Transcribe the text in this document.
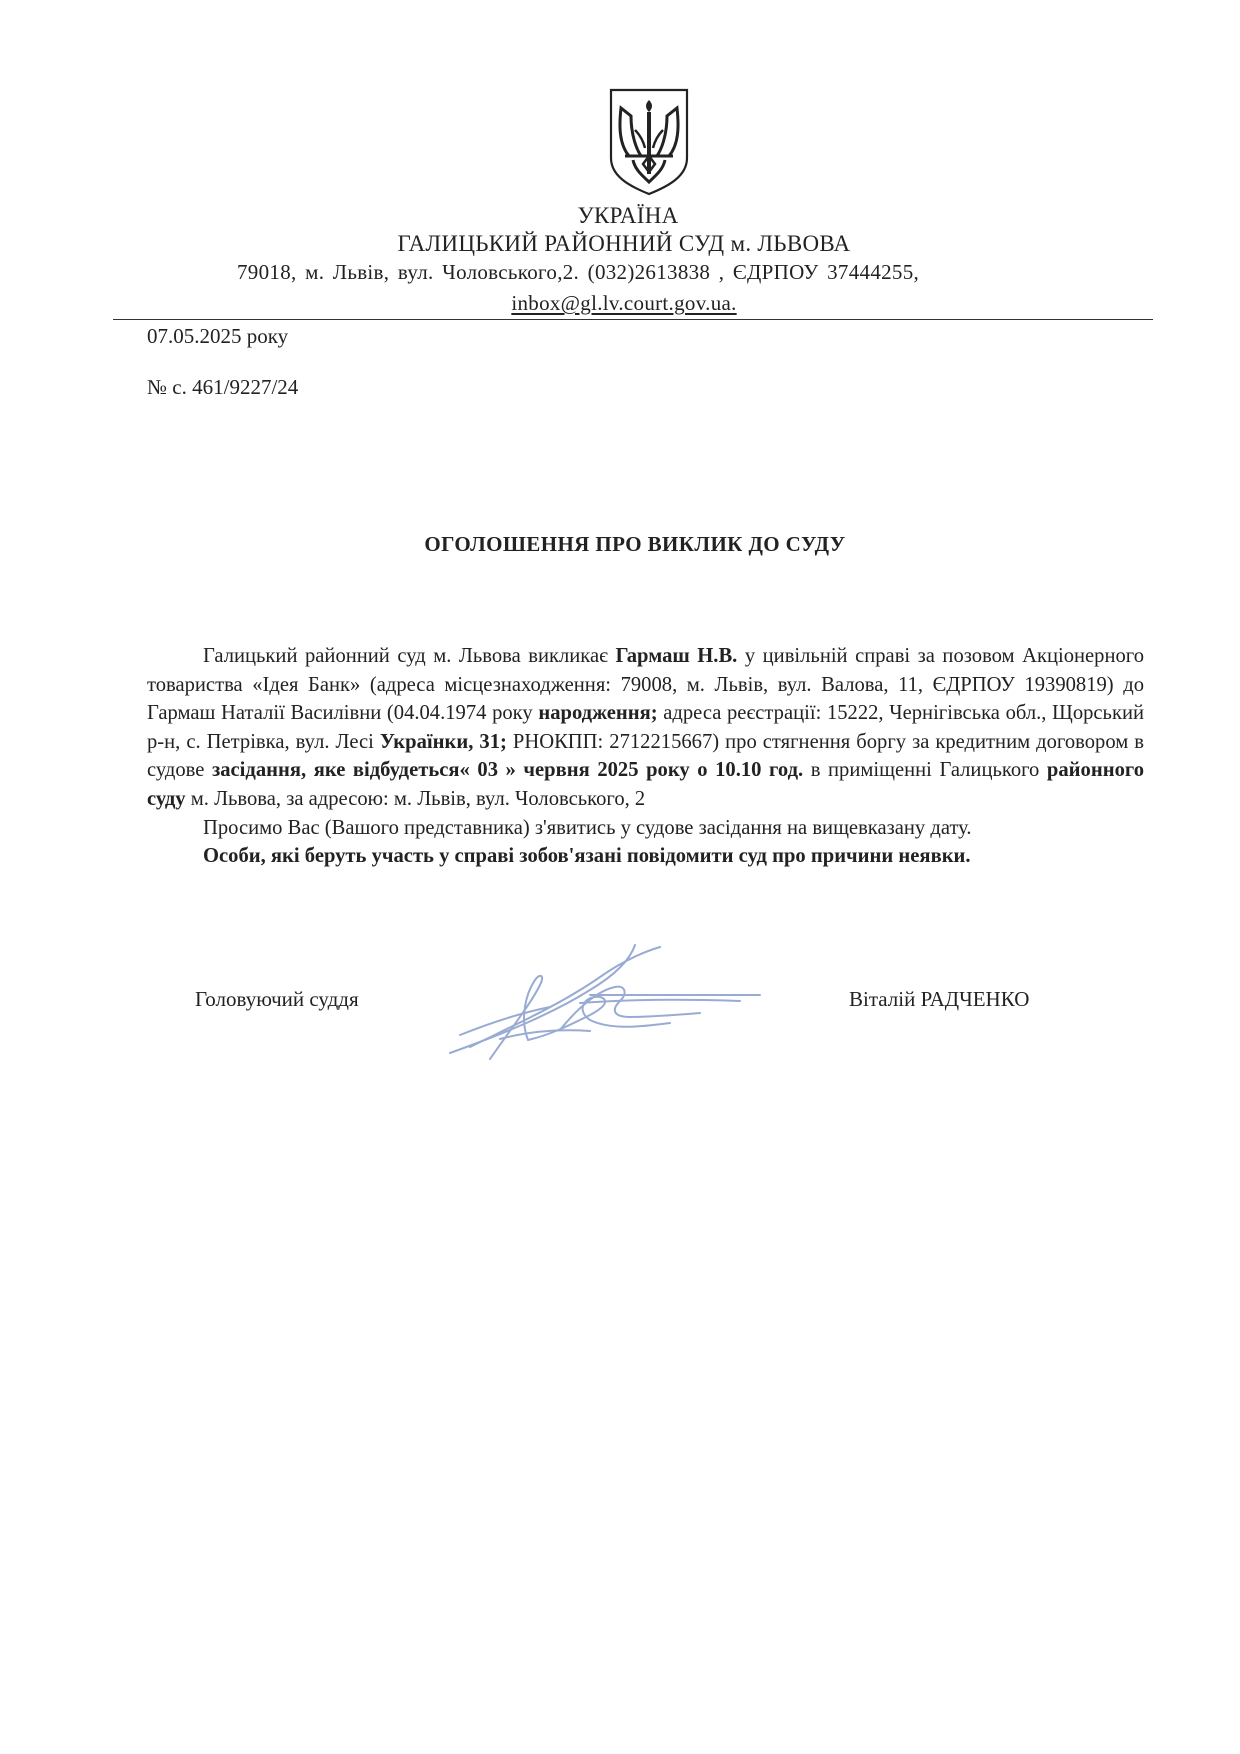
УКРАЇНА
ГАЛИЦЬКИЙ РАЙОННИЙ СУД м. ЛЬВОВА
79018, м. Львів, вул. Чоловського,2. (032)2613838 , ЄДРПОУ 37444255,
inbox@gl.lv.court.gov.ua.
07.05.2025 року
№ с. 461/9227/24
ОГОЛОШЕННЯ ПРО ВИКЛИК ДО СУДУ

Галицький районний суд м. Львова викликає Гармаш Н.В. у цивільній справі за позовом Акціонерного товариства «Ідея Банк» (адреса місцезнаходження: 79008, м. Львів, вул. Валова, 11, ЄДРПОУ 19390819) до Гармаш Наталії Василівни (04.04.1974 року народження; адреса реєстрації: 15222, Чернігівська обл., Щорський р-н, с. Петрівка, вул. Лесі Українки, 31; РНОКПП: 2712215667) про стягнення боргу за кредитним договором в судове засідання, яке відбудеться« 03 » червня 2025 року о 10.10 год. в приміщенні Галицького районного суду м. Львова, за адресою: м. Львів, вул. Чоловського, 2

Просимо Вас (Вашого представника) з'явитись у судове засідання на вищевказану дату.

Особи, які беруть участь у справі зобов'язані повідомити суд про причини неявки.

Головуючий суддя	Віталій РАДЧЕНКО
